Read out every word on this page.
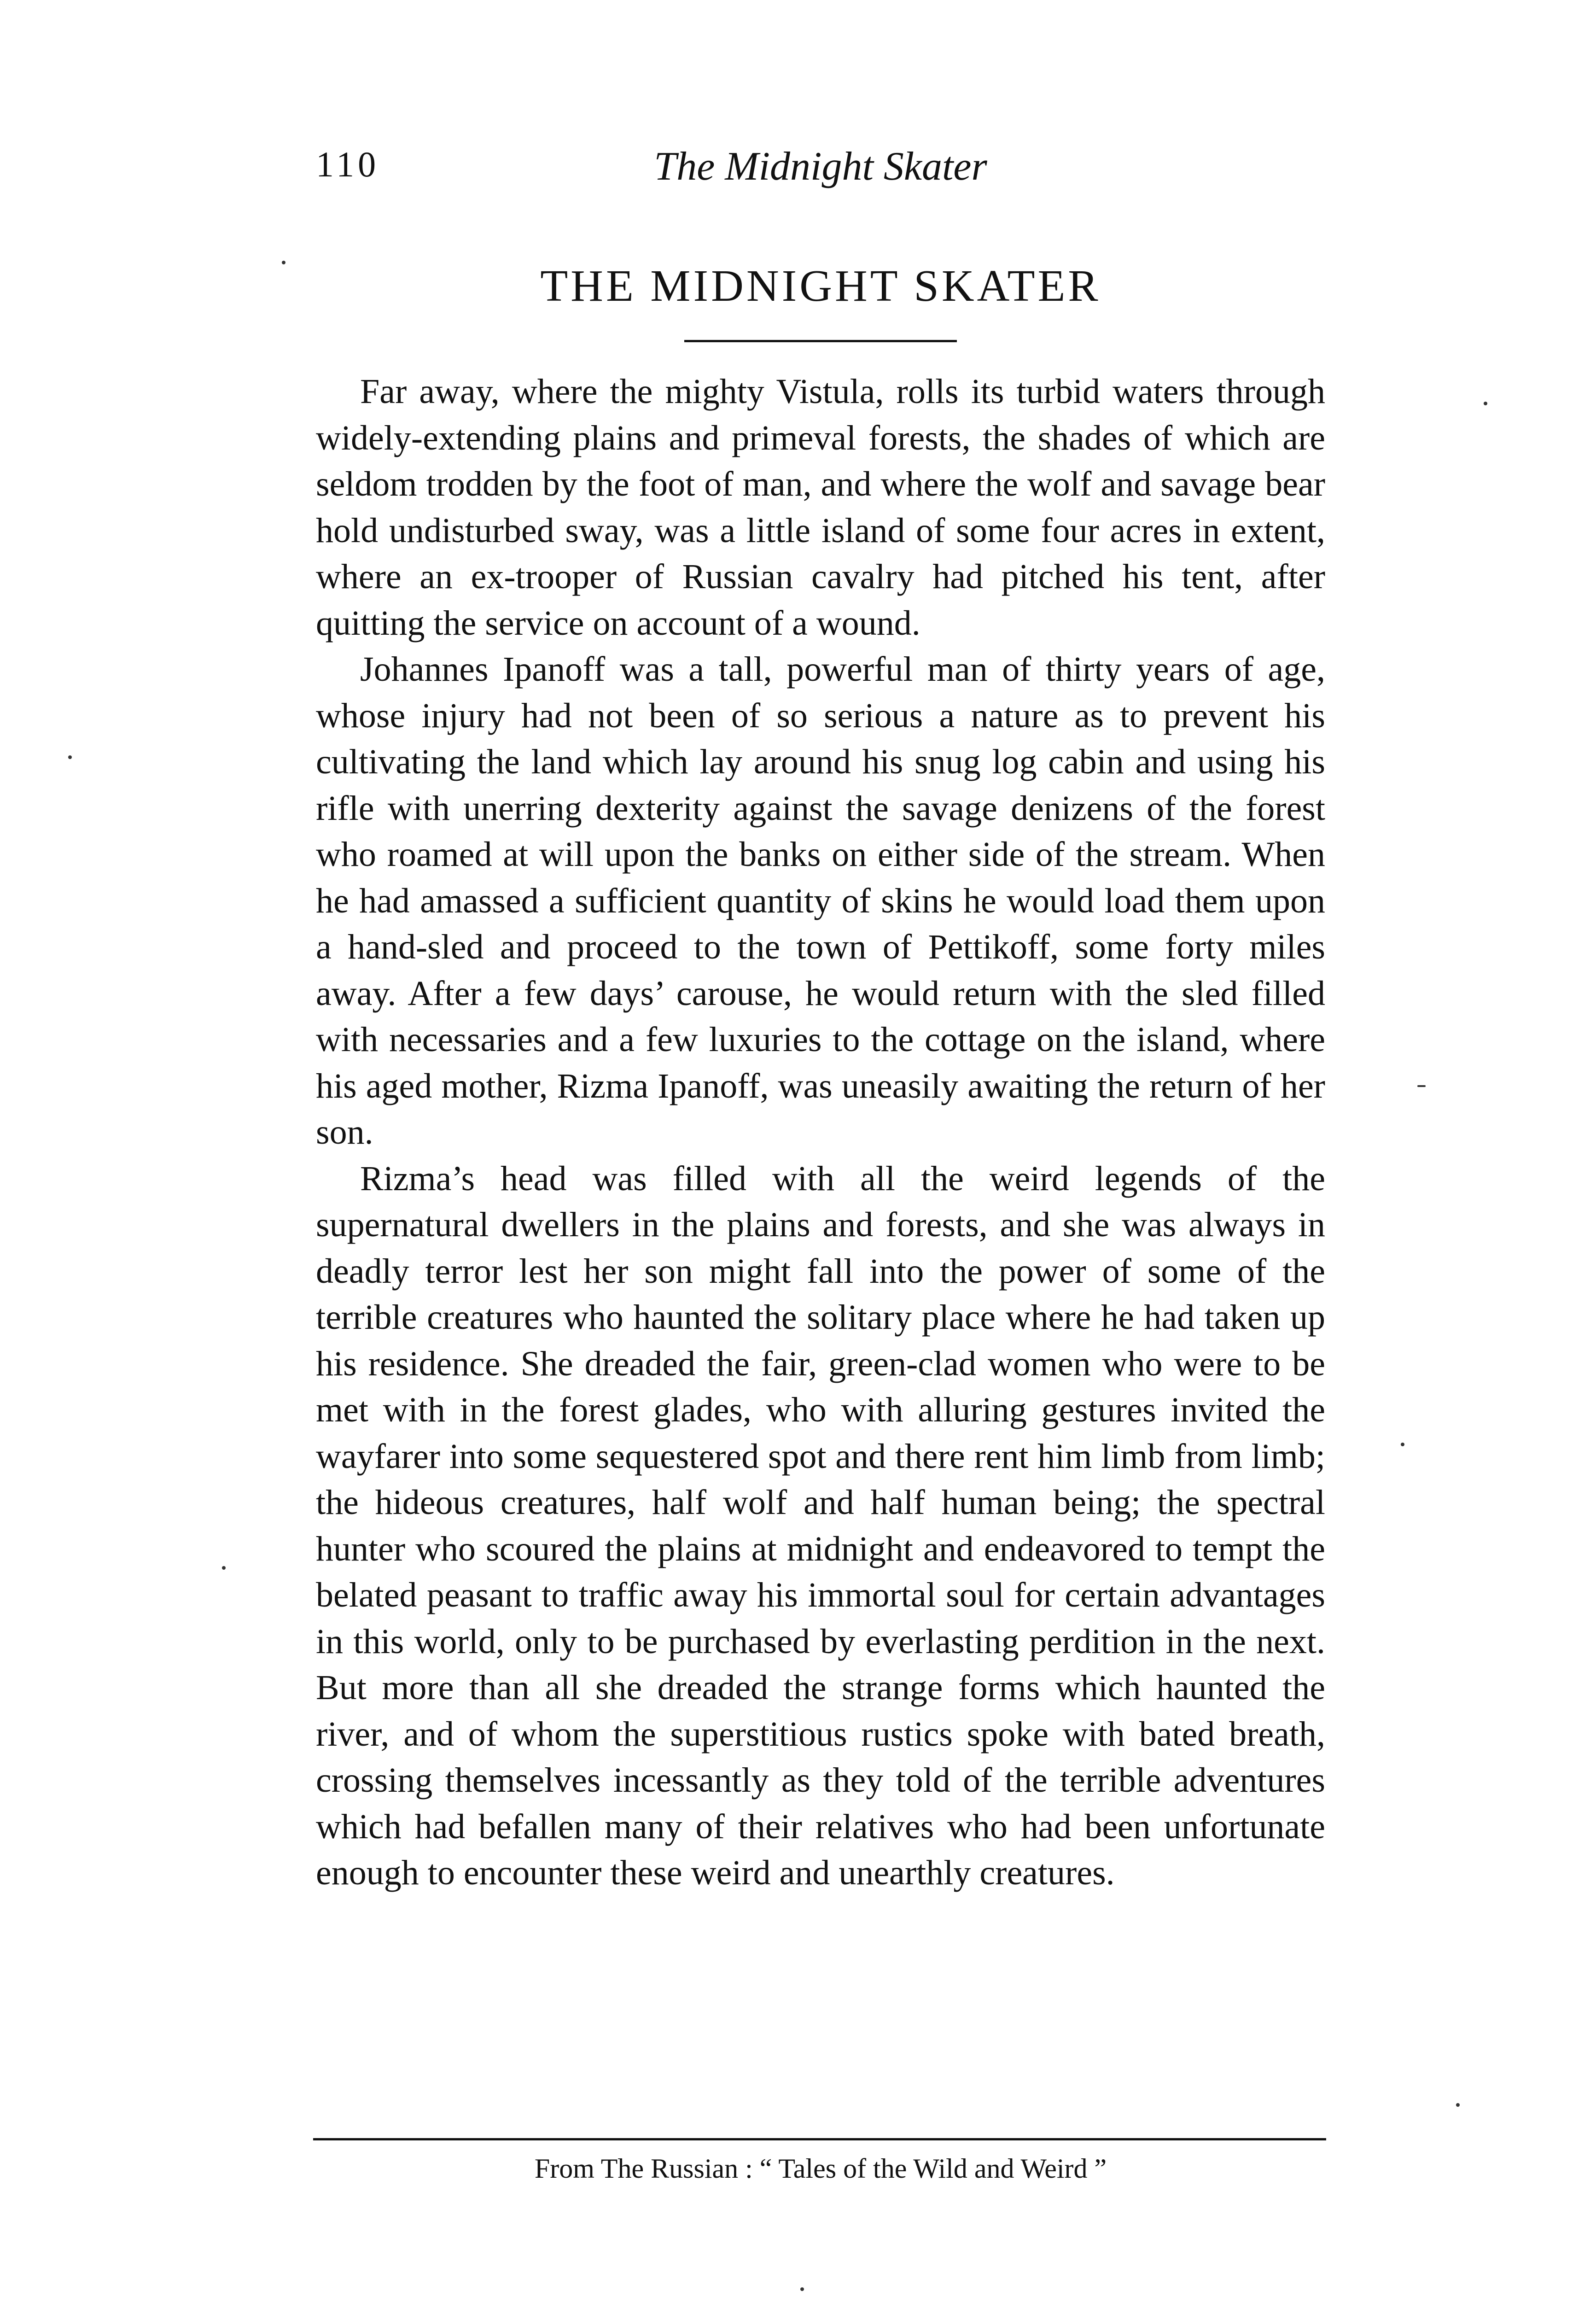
110	The Midnight Skater
THE MIDNIGHT SKATER

Far away, where the mighty Vistula, rolls its turbid waters through widely-extending plains and primeval forests, the shades of which are seldom trodden by the foot of man, and where the wolf and savage bear hold undisturbed sway, was a little island of some four acres in extent, where an ex-trooper of Russian cavalry had pitched his tent, after quitting the service on account of a wound.

Johannes Ipanoff was a tall, powerful man of thirty years of age, whose injury had not been of so serious a nature as to prevent his cultivating the land which lay around his snug log cabin and using his rifle with unerring dexterity against the savage denizens of the forest who roamed at will upon the banks on either side of the stream. When he had amassed a sufficient quantity of skins he would load them upon a hand-sled and proceed to the town of Pettikoff, some forty miles away. After a few days’ carouse, he would return with the sled filled with necessaries and a few luxuries to the cottage on the island, where his aged mother, Rizma Ipanoff, was uneasily awaiting the return of her son.

Rizma’s head was filled with all the weird legends of the supernatural dwellers in the plains and forests, and she was always in deadly terror lest her son might fall into the power of some of the terrible creatures who haunted the solitary place where he had taken up his residence. She dreaded the fair, green-clad women who were to be met with in the forest glades, who with alluring gestures invited the wayfarer into some sequestered spot and there rent him limb from limb; the hideous creatures, half wolf and half human being; the spectral hunter who scoured the plains at midnight and endeavored to tempt the belated peasant to traffic away his immortal soul for certain advantages in this world, only to be purchased by everlasting perdition in the next. But more than all she dreaded the strange forms which haunted the river, and of whom the superstitious rustics spoke with bated breath, crossing themselves incessantly as they told of the terrible adventures which had befallen many of their relatives who had been unfortunate enough to encounter these weird and unearthly creatures.

From The Russian : “ Tales of the Wild and Weird ”
